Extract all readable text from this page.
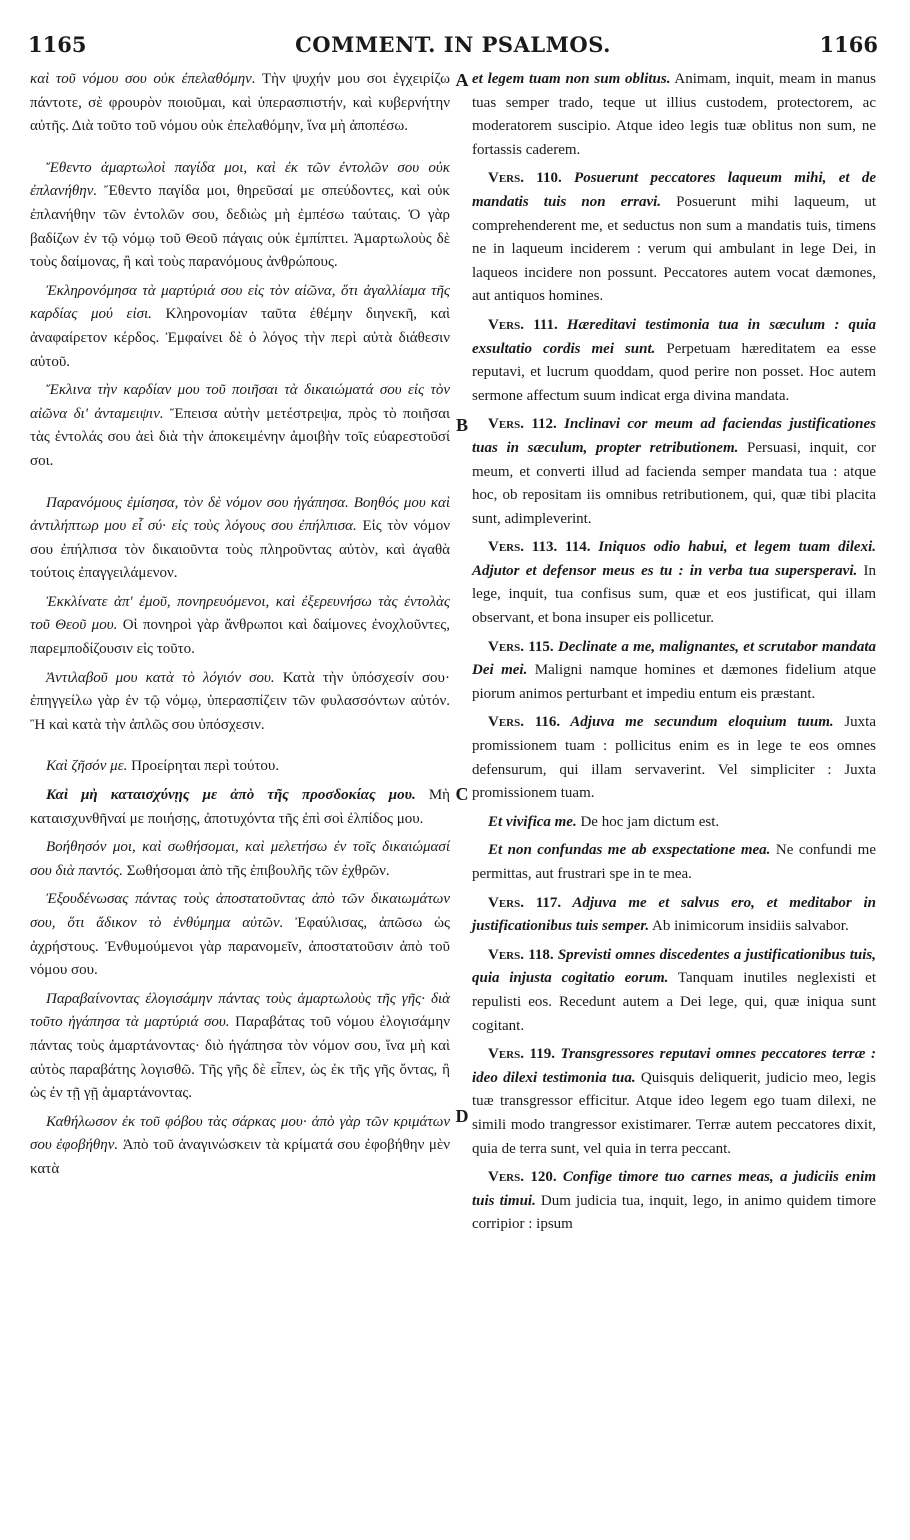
1165	COMMENT. IN PSALMOS.	1166
A
B
C
D

καὶ τοῦ νόμου σου οὐκ ἐπελαθόμην. Τὴν ψυχήν μου σοι ἐγχειρίζω πάντοτε, σὲ φρουρὸν ποιοῦμαι, καὶ ὑπερασπιστήν, καὶ κυβερνήτην αὐτῆς. Διὰ τοῦτο τοῦ νόμου οὐκ ἐπελαθόμην, ἵνα μὴ ἀποπέσω.

Ἔθεντο ἁμαρτωλοὶ παγίδα μοι, καὶ ἐκ τῶν ἐντολῶν σου οὐκ ἐπλανήθην. Ἔθεντο παγίδα μοι, θηρεῦσαί με σπεύδοντες, καὶ οὐκ ἐπλανήθην τῶν ἐντολῶν σου, δεδιὼς μὴ ἐμπέσω ταύταις. Ὁ γὰρ βαδίζων ἐν τῷ νόμῳ τοῦ Θεοῦ πάγαις οὐκ ἐμπίπτει. Ἁμαρτωλοὺς δὲ τοὺς δαίμονας, ἢ καὶ τοὺς παρανόμους ἀνθρώπους.

Ἐκληρονόμησα τὰ μαρτύριά σου εἰς τὸν αἰῶνα, ὅτι ἀγαλλίαμα τῆς καρδίας μού εἰσι. Κληρονομίαν ταῦτα ἐθέμην διηνεκῆ, καὶ ἀναφαίρετον κέρδος. Ἐμφαίνει δὲ ὁ λόγος τὴν περὶ αὐτὰ διάθεσιν αὐτοῦ.

Ἔκλινα τὴν καρδίαν μου τοῦ ποιῆσαι τὰ δικαιώματά σου εἰς τὸν αἰῶνα δι' ἀνταμειψιν. Ἔπεισα αὐτὴν μετέστρεψα, πρὸς τὸ ποιῆσαι τὰς ἐντολάς σου ἀεὶ διὰ τὴν ἀποκειμένην ἀμοιβὴν τοῖς εὐαρεστοῦσί σοι.

Παρανόμους ἐμίσησα, τὸν δὲ νόμον σου ἠγάπησα. Βοηθός μου καὶ ἀντιλήπτωρ μου εἶ σύ· εἰς τοὺς λόγους σου ἐπήλπισα. Εἰς τὸν νόμον σου ἐπήλπισα τὸν δικαιοῦντα τοὺς πληροῦντας αὐτὸν, καὶ ἀγαθὰ τούτοις ἐπαγγειλάμενον.

Ἐκκλίνατε ἀπ' ἐμοῦ, πονηρευόμενοι, καὶ ἐξερευνήσω τὰς ἐντολὰς τοῦ Θεοῦ μου. Οἱ πονηροὶ γὰρ ἄνθρωποι καὶ δαίμονες ἐνοχλοῦντες, παρεμποδίζουσιν εἰς τοῦτο.

Ἀντιλαβοῦ μου κατὰ τὸ λόγιόν σου. Κατὰ τὴν ὑπόσχεσίν σου· ἐπηγγείλω γὰρ ἐν τῷ νόμῳ, ὑπερασπίζειν τῶν φυλασσόντων αὐτόν. Ἢ καὶ κατὰ τὴν ἁπλῶς σου ὑπόσχεσιν.

Καὶ ζῆσόν με. Προείρηται περὶ τούτου.

Καὶ μὴ καταισχύνῃς με ἀπὸ τῆς προσδοκίας μου. Μὴ καταισχυνθῆναί με ποιήσῃς, ἀποτυχόντα τῆς ἐπὶ σοὶ ἐλπίδος μου.

Βοήθησόν μοι, καὶ σωθήσομαι, καὶ μελετήσω ἐν τοῖς δικαιώμασί σου διὰ παντός. Σωθήσομαι ἀπὸ τῆς ἐπιβουλῆς τῶν ἐχθρῶν.

Ἐξουδένωσας πάντας τοὺς ἀποστατοῦντας ἀπὸ τῶν δικαιωμάτων σου, ὅτι ἄδικον τὸ ἐνθύμημα αὐτῶν. Ἐφαύλισας, ἀπῶσω ὡς ἀχρήστους. Ἐνθυμούμενοι γὰρ παρανομεῖν, ἀποστατοῦσιν ἀπὸ τοῦ νόμου σου.

Παραβαίνοντας ἐλογισάμην πάντας τοὺς ἁμαρτωλοὺς τῆς γῆς· διὰ τοῦτο ἠγάπησα τὰ μαρτύριά σου. Παραβάτας τοῦ νόμου ἐλογισάμην πάντας τοὺς ἁμαρτάνοντας· διὸ ἠγάπησα τὸν νόμον σου, ἵνα μὴ καὶ αὐτὸς παραβάτης λογισθῶ. Τῆς γῆς δὲ εἶπεν, ὡς ἐκ τῆς γῆς ὄντας, ἢ ὡς ἐν τῇ γῇ ἁμαρτάνοντας.

Καθήλωσον ἐκ τοῦ φόβου τὰς σάρκας μου· ἀπὸ γὰρ τῶν κριμάτων σου ἐφοβήθην. Ἀπὸ τοῦ ἀναγινώσκειν τὰ κρίματά σου ἐφοβήθην μὲν κατὰ

et legem tuam non sum oblitus. Animam, inquit, meam in manus tuas semper trado, teque ut illius custodem, protectorem, ac moderatorem suscipio. Atque ideo legis tuæ oblitus non sum, ne fortassis caderem.

Vers. 110. Posuerunt peccatores laqueum mihi, et de mandatis tuis non erravi. Posuerunt mihi laqueum, ut comprehenderent me, et seductus non sum a mandatis tuis, timens ne in laqueum inciderem : verum qui ambulant in lege Dei, in laqueos incidere non possunt. Peccatores autem vocat dæmones, aut antiquos homines.

Vers. 111. Hæreditavi testimonia tua in sæculum : quia exsultatio cordis mei sunt. Perpetuam hæreditatem ea esse reputavi, et lucrum quoddam, quod perire non posset. Hoc autem sermone affectum suum indicat erga divina mandata.

Vers. 112. Inclinavi cor meum ad faciendas justificationes tuas in sæculum, propter retributionem. Persuasi, inquit, cor meum, et converti illud ad facienda semper mandata tua : atque hoc, ob repositam iis omnibus retributionem, qui, quæ tibi placita sunt, adimpleverint.

Vers. 113. 114. Iniquos odio habui, et legem tuam dilexi. Adjutor et defensor meus es tu : in verba tua supersperavi. In lege, inquit, tua confisus sum, quæ et eos justificat, qui illam observant, et bona insuper eis pollicetur.

Vers. 115. Declinate a me, malignantes, et scrutabor mandata Dei mei. Maligni namque homines et dæmones fidelium atque piorum animos perturbant et impediu entum eis præstant.

Vers. 116. Adjuva me secundum eloquium tuum. Juxta promissionem tuam : pollicitus enim es in lege te eos omnes defensurum, qui illam servaverint. Vel simpliciter : Juxta promissionem tuam.

Et vivifica me. De hoc jam dictum est.

Et non confundas me ab exspectatione mea. Ne confundi me permittas, aut frustrari spe in te mea.

Vers. 117. Adjuva me et salvus ero, et meditabor in justificationibus tuis semper. Ab inimicorum insidiis salvabor.

Vers. 118. Sprevisti omnes discedentes a justificationibus tuis, quia injusta cogitatio eorum. Tanquam inutiles neglexisti et repulisti eos. Recedunt autem a Dei lege, qui, quæ iniqua sunt cogitant.

Vers. 119. Transgressores reputavi omnes peccatores terræ : ideo dilexi testimonia tua. Quisquis deliquerit, judicio meo, legis tuæ transgressor efficitur. Atque ideo legem ego tuam dilexi, ne simili modo trangressor existimarer. Terræ autem peccatores dixit, quia de terra sunt, vel quia in terra peccant.

Vers. 120. Confige timore tuo carnes meas, a judiciis enim tuis timui. Dum judicia tua, inquit, lego, in animo quidem timore corripior : ipsum
